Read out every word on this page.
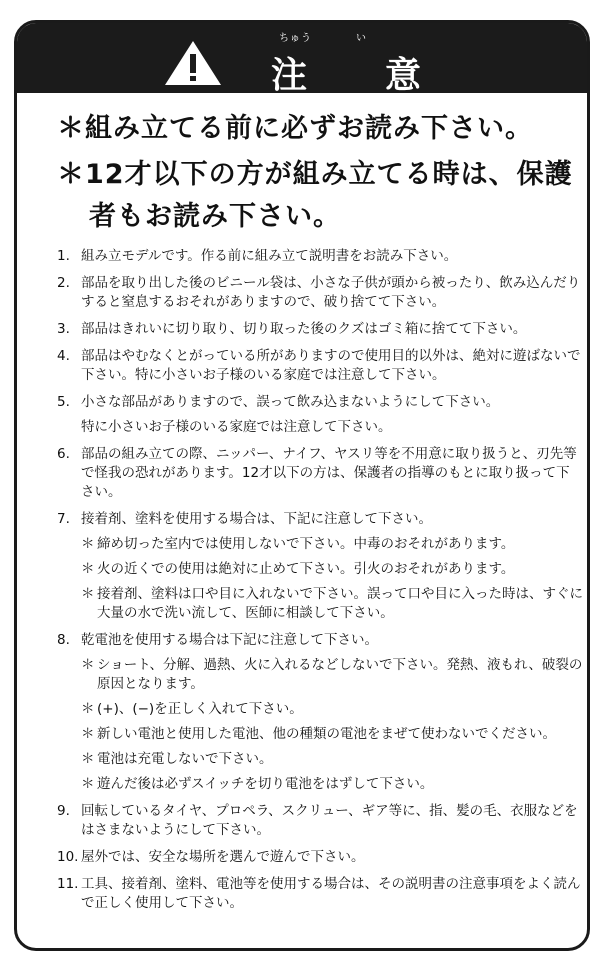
ちゅう　　　　い
注 意
＊組み立てる前に必ずお読み下さい。
＊12才以下の方が組み立てる時は、保護
者もお読み下さい。
1. 組み立モデルです。作る前に組み立て説明書をお読み下さい。
2. 部品を取り出した後のビニール袋は、小さな子供が頭から被ったり、飲み込んだりすると窒息するおそれがありますので、破り捨てて下さい。
3. 部品はきれいに切り取り、切り取った後のクズはゴミ箱に捨てて下さい。
4. 部品はやむなくとがっている所がありますので使用目的以外は、絶対に遊ばないで下さい。特に小さいお子様のいる家庭では注意して下さい。
5. 小さな部品がありますので、誤って飲み込まないようにして下さい。
特に小さいお子様のいる家庭では注意して下さい。
6. 部品の組み立ての際、ニッパー、ナイフ、ヤスリ等を不用意に取り扱うと、刃先等で怪我の恐れがあります。12才以下の方は、保護者の指導のもとに取り扱って下さい。
7. 接着剤、塗料を使用する場合は、下記に注意して下さい。
＊ 締め切った室内では使用しないで下さい。中毒のおそれがあります。
＊ 火の近くでの使用は絶対に止めて下さい。引火のおそれがあります。
＊ 接着剤、塗料は口や目に入れないで下さい。誤って口や目に入った時は、すぐに大量の水で洗い流して、医師に相談して下さい。
8. 乾電池を使用する場合は下記に注意して下さい。
＊ ショート、分解、過熱、火に入れるなどしないで下さい。発熱、液もれ、破裂の原因となります。
＊ (+)、(−)を正しく入れて下さい。
＊ 新しい電池と使用した電池、他の種類の電池をまぜて使わないでください。
＊ 電池は充電しないで下さい。
＊ 遊んだ後は必ずスイッチを切り電池をはずして下さい。
9. 回転しているタイヤ、プロペラ、スクリュー、ギア等に、指、髪の毛、衣服などをはさまないようにして下さい。
10. 屋外では、安全な場所を選んで遊んで下さい。
11. 工具、接着剤、塗料、電池等を使用する場合は、その説明書の注意事項をよく読んで正しく使用して下さい。
